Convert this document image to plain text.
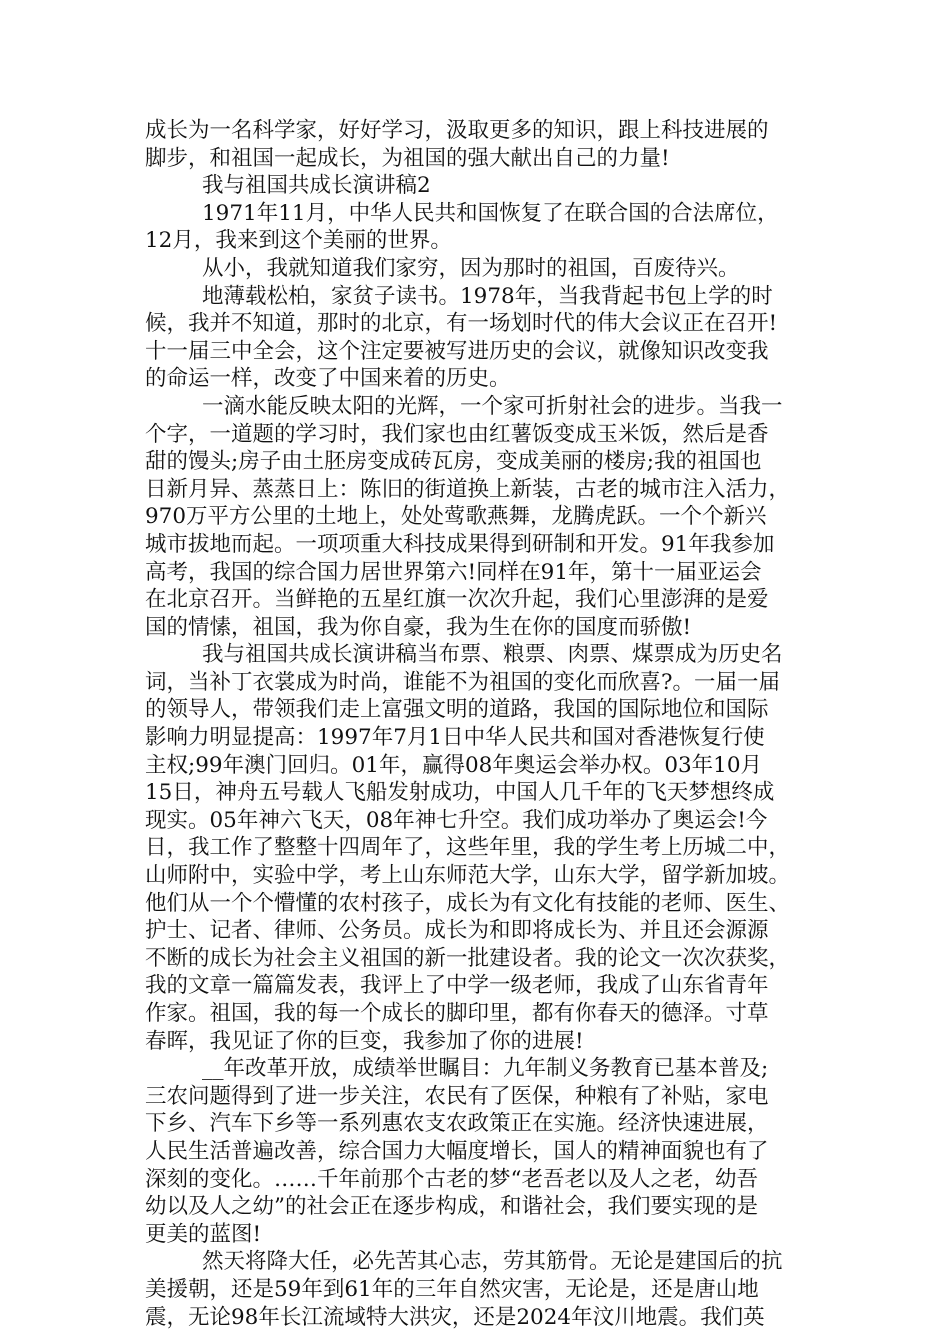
成长为一名科学家，好好学习，汲取更多的知识，跟上科技进展的
脚步，和祖国一起成长，为祖国的强大献出自己的力量!
我与祖国共成长演讲稿2
1971年11月，中华人民共和国恢复了在联合国的合法席位，
12月，我来到这个美丽的世界。
从小，我就知道我们家穷，因为那时的祖国，百废待兴。
地薄载松柏，家贫子读书。1978年，当我背起书包上学的时
候，我并不知道，那时的北京，有一场划时代的伟大会议正在召开!
十一届三中全会，这个注定要被写进历史的会议，就像知识改变我
的命运一样，改变了中国来着的历史。
一滴水能反映太阳的光辉，一个家可折射社会的进步。当我一
个字，一道题的学习时，我们家也由红薯饭变成玉米饭，然后是香
甜的馒头;房子由土胚房变成砖瓦房，变成美丽的楼房;我的祖国也
日新月异、蒸蒸日上：陈旧的街道换上新装，古老的城市注入活力，
970万平方公里的土地上，处处莺歌燕舞，龙腾虎跃。一个个新兴
城市拔地而起。一项项重大科技成果得到研制和开发。91年我参加
高考，我国的综合国力居世界第六!同样在91年，第十一届亚运会
在北京召开。当鲜艳的五星红旗一次次升起，我们心里澎湃的是爱
国的情愫，祖国，我为你自豪，我为生在你的国度而骄傲!
我与祖国共成长演讲稿当布票、粮票、肉票、煤票成为历史名
词，当补丁衣裳成为时尚，谁能不为祖国的变化而欣喜?。一届一届
的领导人，带领我们走上富强文明的道路，我国的国际地位和国际
影响力明显提高：1997年7月1日中华人民共和国对香港恢复行使
主权;99年澳门回归。01年，赢得08年奥运会举办权。03年10月
15日，神舟五号载人飞船发射成功，中国人几千年的飞天梦想终成
现实。05年神六飞天，08年神七升空。我们成功举办了奥运会!今
日，我工作了整整十四周年了，这些年里，我的学生考上历城二中，
山师附中，实验中学，考上山东师范大学，山东大学，留学新加坡。
他们从一个个懵懂的农村孩子，成长为有文化有技能的老师、医生、
护士、记者、律师、公务员。成长为和即将成长为、并且还会源源
不断的成长为社会主义祖国的新一批建设者。我的论文一次次获奖，
我的文章一篇篇发表，我评上了中学一级老师，我成了山东省青年
作家。祖国，我的每一个成长的脚印里，都有你春天的德泽。寸草
春晖，我见证了你的巨变，我参加了你的进展!
__年改革开放，成绩举世瞩目：九年制义务教育已基本普及;
三农问题得到了进一步关注，农民有了医保，种粮有了补贴，家电
下乡、汽车下乡等一系列惠农支农政策正在实施。经济快速进展，
人民生活普遍改善，综合国力大幅度增长，国人的精神面貌也有了
深刻的变化。……千年前那个古老的梦“老吾老以及人之老，幼吾
幼以及人之幼”的社会正在逐步构成，和谐社会，我们要实现的是
更美的蓝图!
然天将降大任，必先苦其心志，劳其筋骨。无论是建国后的抗
美援朝，还是59年到61年的三年自然灾害，无论是，还是唐山地
震，无论98年长江流域特大洪灾，还是2024年汶川地震。我们英
